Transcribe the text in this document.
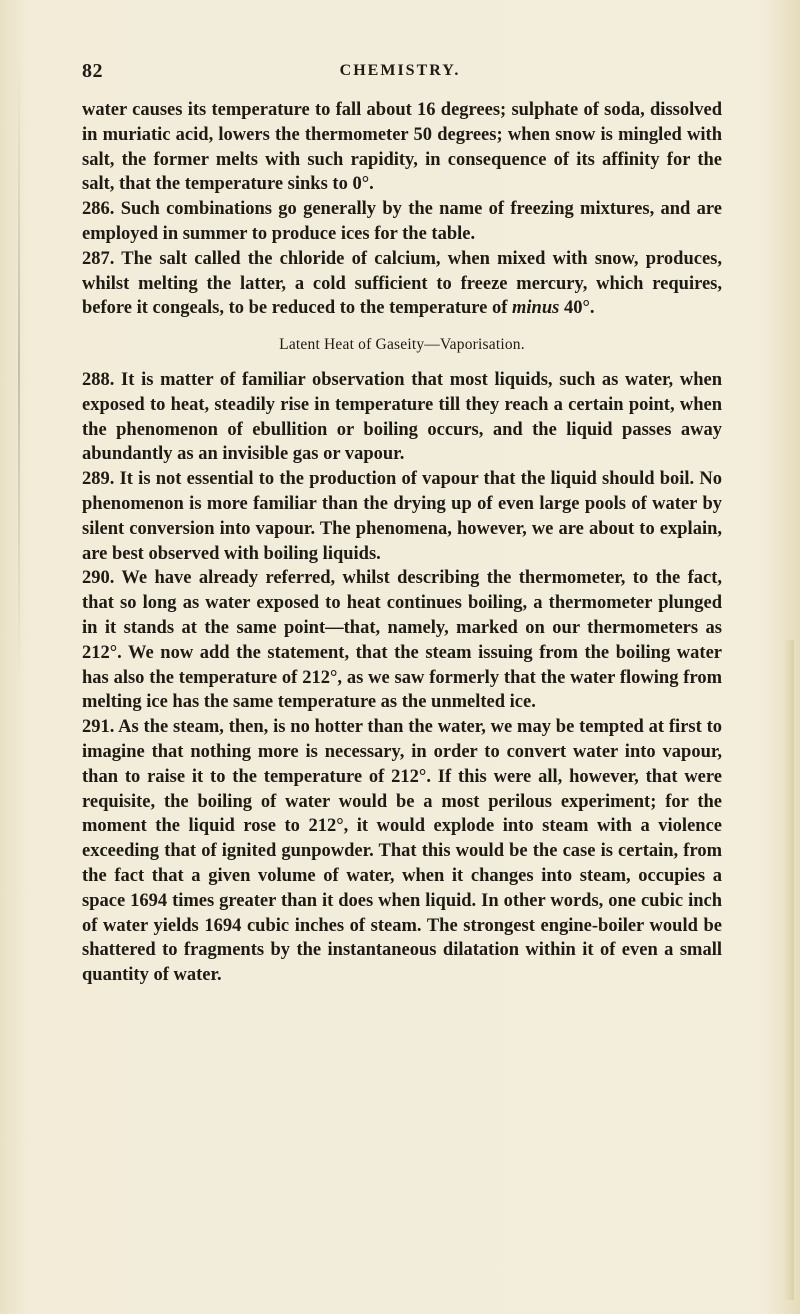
82	CHEMISTRY.

water causes its temperature to fall about 16 degrees; sulphate of soda, dissolved in muriatic acid, lowers the thermometer 50 degrees; when snow is mingled with salt, the former melts with such rapidity, in consequence of its affinity for the salt, that the temperature sinks to 0°.

286. Such combinations go generally by the name of freezing mixtures, and are employed in summer to produce ices for the table.

287. The salt called the chloride of calcium, when mixed with snow, produces, whilst melting the latter, a cold sufficient to freeze mercury, which requires, before it congeals, to be reduced to the temperature of minus 40°.

Latent Heat of Gaseity—Vaporisation.

288. It is matter of familiar observation that most liquids, such as water, when exposed to heat, steadily rise in temperature till they reach a certain point, when the phenomenon of ebullition or boiling occurs, and the liquid passes away abundantly as an invisible gas or vapour.

289. It is not essential to the production of vapour that the liquid should boil. No phenomenon is more familiar than the drying up of even large pools of water by silent conversion into vapour. The phenomena, however, we are about to explain, are best observed with boiling liquids.

290. We have already referred, whilst describing the thermometer, to the fact, that so long as water exposed to heat continues boiling, a thermometer plunged in it stands at the same point—that, namely, marked on our thermometers as 212°. We now add the statement, that the steam issuing from the boiling water has also the temperature of 212°, as we saw formerly that the water flowing from melting ice has the same temperature as the unmelted ice.

291. As the steam, then, is no hotter than the water, we may be tempted at first to imagine that nothing more is necessary, in order to convert water into vapour, than to raise it to the temperature of 212°. If this were all, however, that were requisite, the boiling of water would be a most perilous experiment; for the moment the liquid rose to 212°, it would explode into steam with a violence exceeding that of ignited gunpowder. That this would be the case is certain, from the fact that a given volume of water, when it changes into steam, occupies a space 1694 times greater than it does when liquid. In other words, one cubic inch of water yields 1694 cubic inches of steam. The strongest engine-boiler would be shattered to fragments by the instantaneous dilatation within it of even a small quantity of water.
